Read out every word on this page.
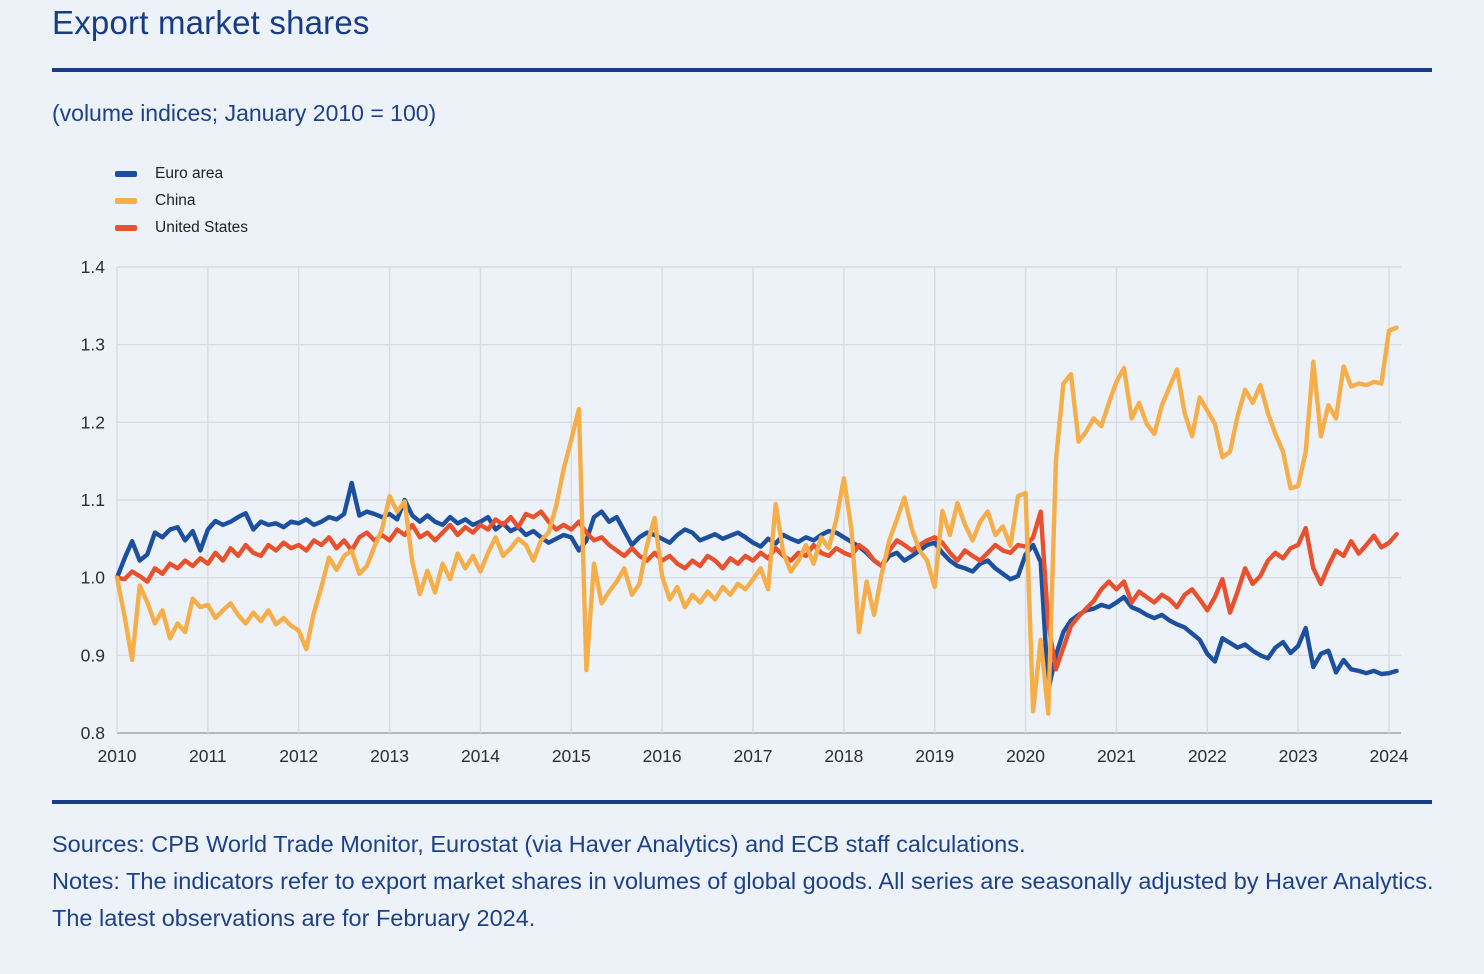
Export market shares
(volume indices; January 2010 = 100)
Euro area
China
United States
0.8
0.9
1.0
1.1
1.2
1.3
1.4
2010	2011	2012	2013	2014	2015	2016	2017	2018	2019	2020	2021	2022	2023	2024

Sources: CPB World Trade Monitor, Eurostat (via Haver Analytics) and ECB staff calculations.

Notes: The indicators refer to export market shares in volumes of global goods. All series are seasonally adjusted by Haver Analytics. The latest observations are for February 2024.
